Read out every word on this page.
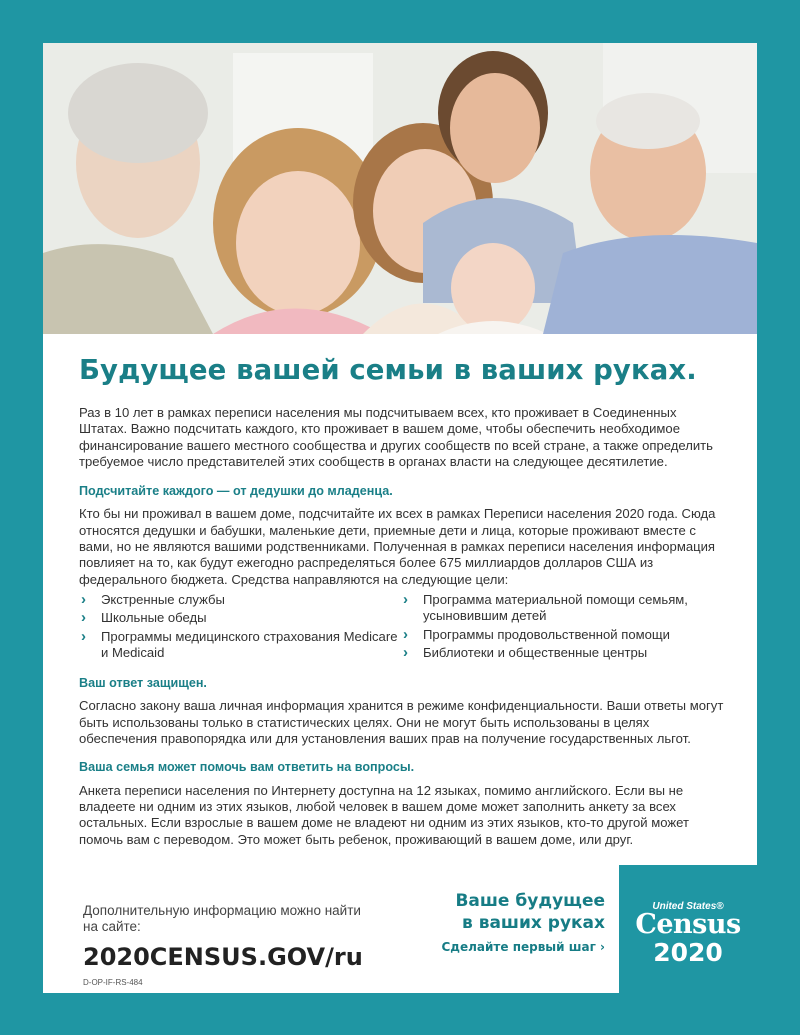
Будущее вашей семьи в ваших руках.

Раз в 10 лет в рамках переписи населения мы подсчитываем всех, кто проживает в Соединенных Штатах. Важно подсчитать каждого, кто проживает в вашем доме, чтобы обеспечить необходимое финансирование вашего местного сообщества и других сообществ по всей стране, а также определить требуемое число представителей этих сообществ в органах власти на следующее десятилетие.

Подсчитайте каждого — от дедушки до младенца.

Кто бы ни проживал в вашем доме, подсчитайте их всех в рамках Переписи населения 2020 года. Сюда относятся дедушки и бабушки, маленькие дети, приемные дети и лица, которые проживают вместе с вами, но не являются вашими родственниками. Полученная в рамках переписи населения информация повлияет на то, как будут ежегодно распределяться более 675 миллиардов долларов США из федерального бюджета. Средства направляются на следующие цели:

› Экстренные службы
› Школьные обеды
› Программы медицинского страхования Medicare и Medicaid
› Программа материальной помощи семьям, усыновившим детей
› Программы продовольственной помощи
› Библиотеки и общественные центры
Ваш ответ защищен.

Согласно закону ваша личная информация хранится в режиме конфиденциальности. Ваши ответы могут быть использованы только в статистических целях. Они не могут быть использованы в целях обеспечения правопорядка или для установления ваших прав на получение государственных льгот.

Ваша семья может помочь вам ответить на вопросы.

Анкета переписи населения по Интернету доступна на 12 языках, помимо английского. Если вы не владеете ни одним из этих языков, любой человек в вашем доме может заполнить анкету за всех остальных. Если взрослые в вашем доме не владеют ни одним из этих языков, кто-то другой может помочь вам с переводом. Это может быть ребенок, проживающий в вашем доме, или друг.

Дополнительную информацию можно найти на сайте:

2020CENSUS.GOV/ru
D-OP-IF-RS-484
Ваше будущее
в ваших руках
Сделайте первый шаг ›
United States®
Census
2020
